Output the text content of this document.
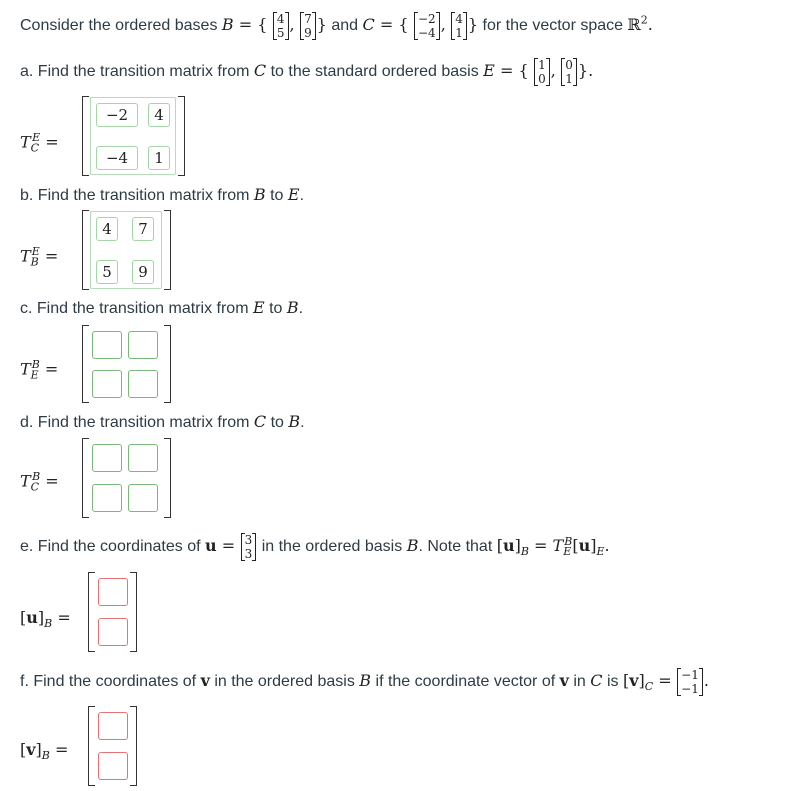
Consider the ordered bases B = { 4
5 , 7
9 } and C = { −2
−4 , 4
1 } for the vector space ℝ$^2$.
a. Find the transition matrix from C to the standard ordered basis E = { 1
0 , 0
1 }.
$T_C^E$ =
−2	4
−4	1
b. Find the transition matrix from B to E.
$T_B^E$ =
4	7
5	9
c. Find the transition matrix from E to B.
$T_E^B$ =
d. Find the transition matrix from C to B.
$T_C^B$ =
e. Find the coordinates of u = 3
3 in the ordered basis B. Note that $[u]_B = T_E^B[u]_E$.
$[u]_B$ =
f. Find the coordinates of v in the ordered basis B if the coordinate vector of v in C is $[v]_C = -1$
−1 .
$[v]_B$ =
